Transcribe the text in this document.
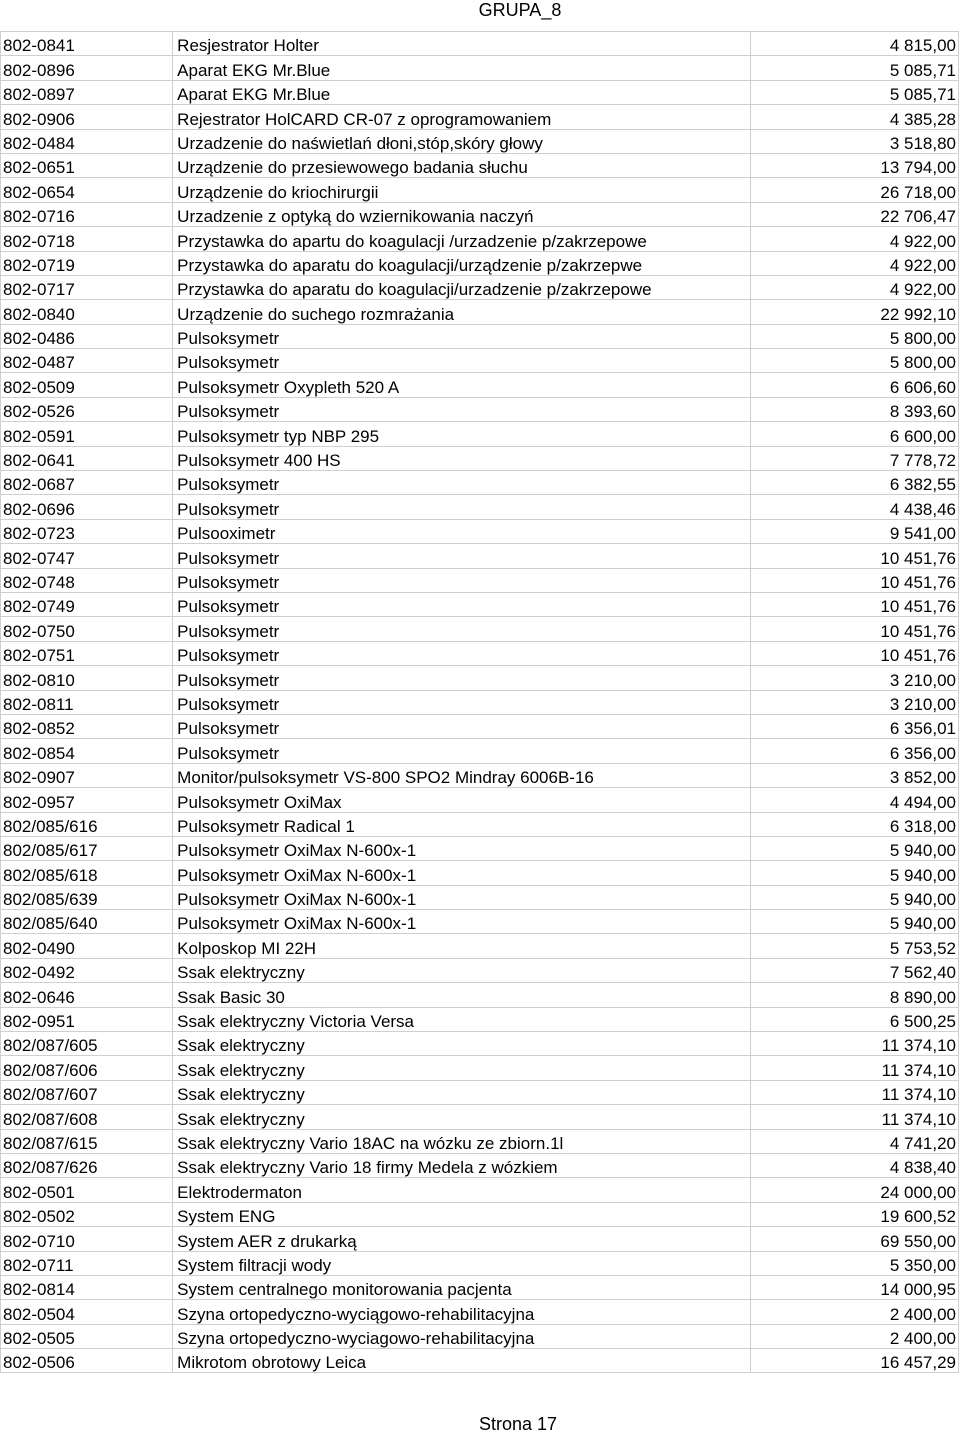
GRUPA_8
802-0841	Resjestrator Holter	4 815,00
802-0896	Aparat EKG Mr.Blue	5 085,71
802-0897	Aparat EKG Mr.Blue	5 085,71
802-0906	Rejestrator HolCARD CR-07 z oprogramowaniem	4 385,28
802-0484	Urzadzenie do naświetlań dłoni,stóp,skóry głowy	3 518,80
802-0651	Urządzenie do przesiewowego badania słuchu	13 794,00
802-0654	Urządzenie do kriochirurgii	26 718,00
802-0716	Urzadzenie z optyką do wziernikowania naczyń	22 706,47
802-0718	Przystawka do apartu do koagulacji /urzadzenie p/zakrzepowe	4 922,00
802-0719	Przystawka do aparatu do koagulacji/urządzenie p/zakrzepwe	4 922,00
802-0717	Przystawka do aparatu do koagulacji/urzadzenie p/zakrzepowe	4 922,00
802-0840	Urządzenie do suchego rozmrażania	22 992,10
802-0486	Pulsoksymetr	5 800,00
802-0487	Pulsoksymetr	5 800,00
802-0509	Pulsoksymetr Oxypleth 520 A	6 606,60
802-0526	Pulsoksymetr	8 393,60
802-0591	Pulsoksymetr typ NBP 295	6 600,00
802-0641	Pulsoksymetr 400 HS	7 778,72
802-0687	Pulsoksymetr	6 382,55
802-0696	Pulsoksymetr	4 438,46
802-0723	Pulsooximetr	9 541,00
802-0747	Pulsoksymetr	10 451,76
802-0748	Pulsoksymetr	10 451,76
802-0749	Pulsoksymetr	10 451,76
802-0750	Pulsoksymetr	10 451,76
802-0751	Pulsoksymetr	10 451,76
802-0810	Pulsoksymetr	3 210,00
802-0811	Pulsoksymetr	3 210,00
802-0852	Pulsoksymetr	6 356,01
802-0854	Pulsoksymetr	6 356,00
802-0907	Monitor/pulsoksymetr VS-800 SPO2 Mindray 6006B-16	3 852,00
802-0957	Pulsoksymetr OxiMax	4 494,00
802/085/616	Pulsoksymetr Radical 1	6 318,00
802/085/617	Pulsoksymetr OxiMax N-600x-1	5 940,00
802/085/618	Pulsoksymetr OxiMax N-600x-1	5 940,00
802/085/639	Pulsoksymetr OxiMax N-600x-1	5 940,00
802/085/640	Pulsoksymetr OxiMax N-600x-1	5 940,00
802-0490	Kolposkop MI 22H	5 753,52
802-0492	Ssak elektryczny	7 562,40
802-0646	Ssak Basic 30	8 890,00
802-0951	Ssak elektryczny Victoria Versa	6 500,25
802/087/605	Ssak elektryczny	11 374,10
802/087/606	Ssak elektryczny	11 374,10
802/087/607	Ssak elektryczny	11 374,10
802/087/608	Ssak elektryczny	11 374,10
802/087/615	Ssak elektryczny Vario 18AC na wózku ze zbiorn.1l	4 741,20
802/087/626	Ssak elektryczny Vario 18 firmy Medela z wózkiem	4 838,40
802-0501	Elektrodermaton	24 000,00
802-0502	System ENG	19 600,52
802-0710	System AER z drukarką	69 550,00
802-0711	System filtracji wody	5 350,00
802-0814	System centralnego monitorowania pacjenta	14 000,95
802-0504	Szyna ortopedyczno-wyciągowo-rehabilitacyjna	2 400,00
802-0505	Szyna ortopedyczno-wyciagowo-rehabilitacyjna	2 400,00
802-0506	Mikrotom obrotowy Leica	16 457,29
Strona 17
